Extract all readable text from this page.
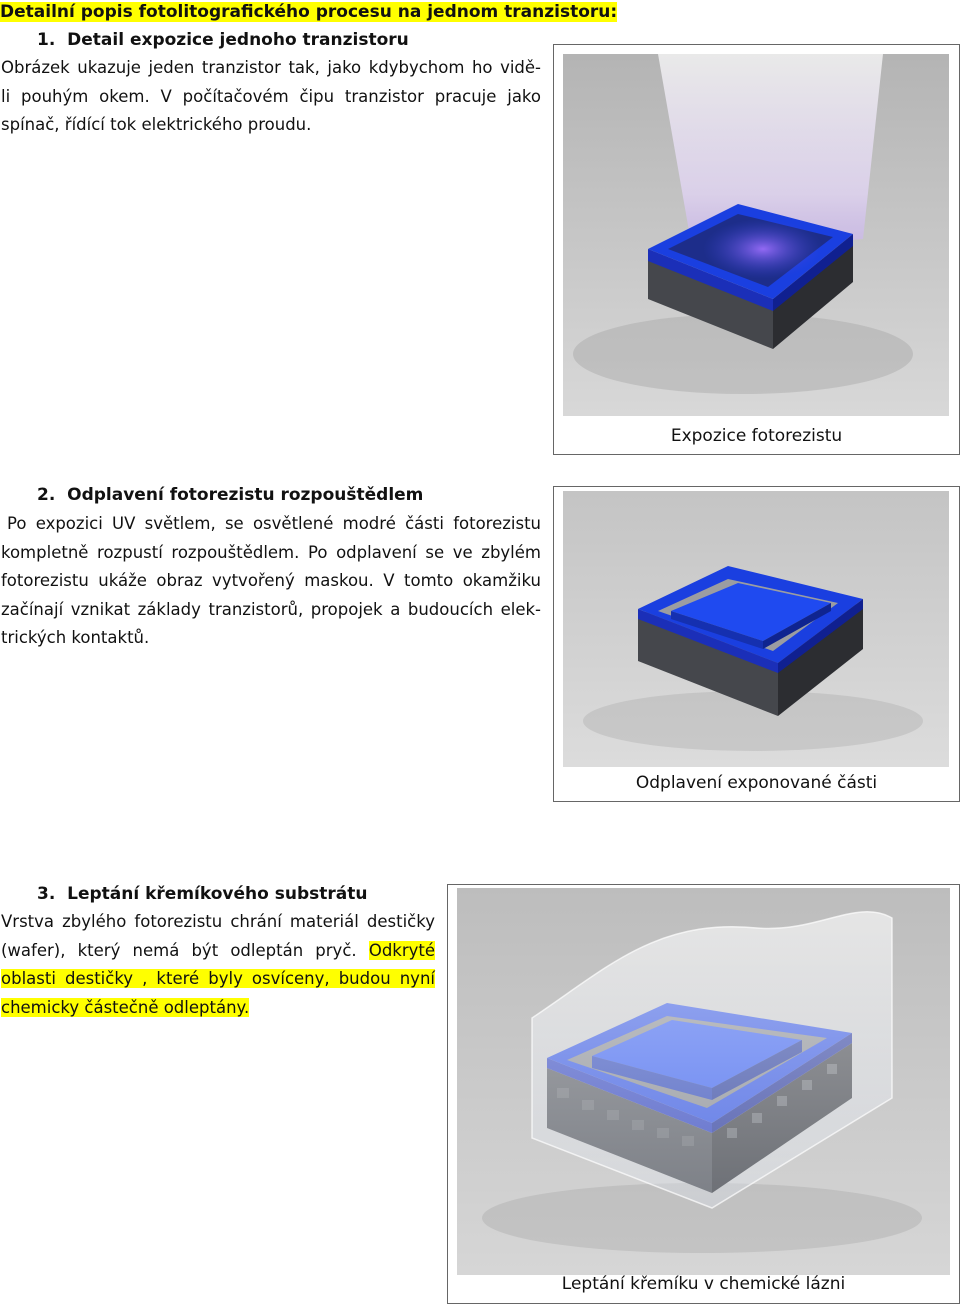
Detailní popis fotolitografického procesu na jednom tranzistoru:
1. Detail expozice jednoho tranzistoru
Obrázek ukazuje jeden tranzistor tak, jako kdybychom ho vidě-
li pouhým okem. V počítačovém čipu tranzistor pracuje jako
spínač, řídící tok elektrického proudu.
Expozice fotorezistu
2. Odplavení fotorezistu rozpouštědlem
Po expozici UV světlem, se osvětlené modré části fotorezistu
kompletně rozpustí rozpouštědlem. Po odplavení se ve zbylém
fotorezistu ukáže obraz vytvořený maskou. V tomto okamžiku
začínají vznikat základy tranzistorů, propojek a budoucích elek-
trických kontaktů.
Odplavení exponované části
3. Leptání křemíkového substrátu
Vrstva zbylého fotorezistu chrání materiál destičky
(wafer), který nemá být odleptán pryč. Odkryté
oblasti destičky , které byly osvíceny, budou nyní
chemicky částečně odleptány.
Leptání křemíku v chemické lázni
